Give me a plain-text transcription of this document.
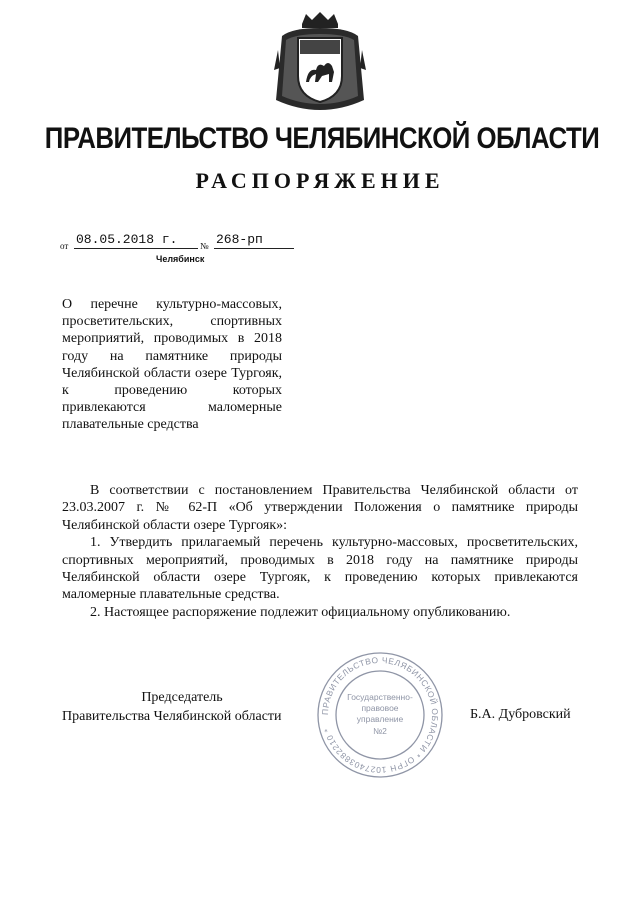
ПРАВИТЕЛЬСТВО ЧЕЛЯБИНСКОЙ ОБЛАСТИ
РАСПОРЯЖЕНИЕ
от 08.05.2018 г.	№ 268-рп
Челябинск
О перечне культурно-массовых, просветительских, спортивных мероприятий, проводимых в 2018 году на памятнике природы Челябинской области озере Тургояк, к проведению которых привлекаются маломерные плавательные средства

В соответствии с постановлением Правительства Челябинской области от 23.03.2007 г. № 62-П «Об утверждении Положения о памятнике природы Челябинской области озере Тургояк»:

1. Утвердить прилагаемый перечень культурно-массовых, просветительских, спортивных мероприятий, проводимых в 2018 году на памятнике природы Челябинской области озере Тургояк, к проведению которых привлекаются маломерные плавательные средства.

2. Настоящее распоряжение подлежит официальному опубликованию.

ПРАВИТЕЛЬСТВО ЧЕЛЯБИНСКОЙ ОБЛАСТИ * ОГРН 1027403882210 *
Государственно-
правовое
управление
№2
Председатель
Правительства Челябинской области	Б.А. Дубровский
